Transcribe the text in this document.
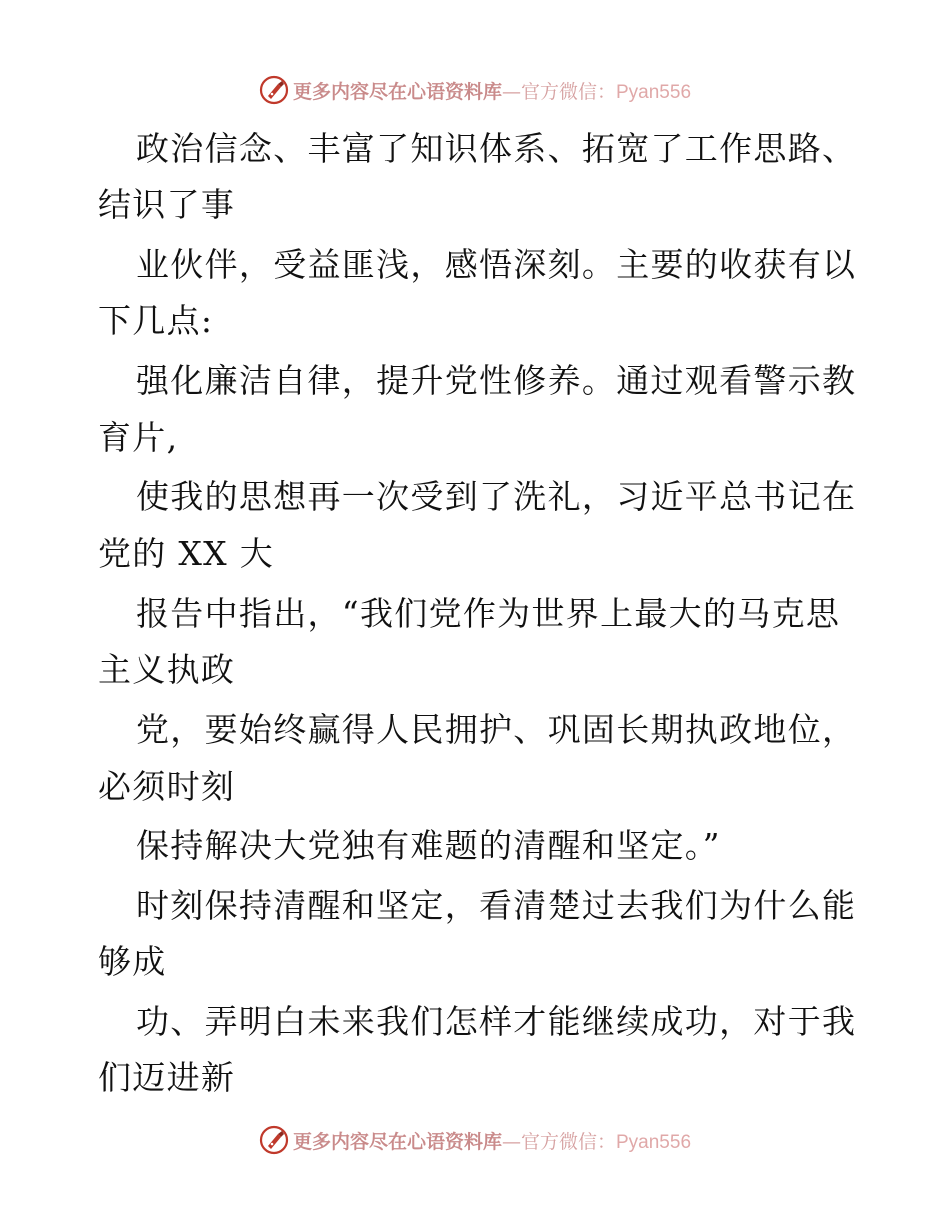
更多内容尽在心语资料库—官方微信：Pyan556
政治信念、丰富了知识体系、拓宽了工作思路、
结识了事
业伙伴，受益匪浅，感悟深刻。主要的收获有以
下几点:
强化廉洁自律，提升党性修养。通过观看警示教
育片,
使我的思想再一次受到了洗礼，习近平总书记在
党的 XX 大
报告中指出，“我们党作为世界上最大的马克思
主义执政
党，要始终赢得人民拥护、巩固长期执政地位，
必须时刻
保持解决大党独有难题的清醒和坚定。”
时刻保持清醒和坚定，看清楚过去我们为什么能
够成
功、弄明白未来我们怎样才能继续成功，对于我
们迈进新
更多内容尽在心语资料库—官方微信：Pyan556
